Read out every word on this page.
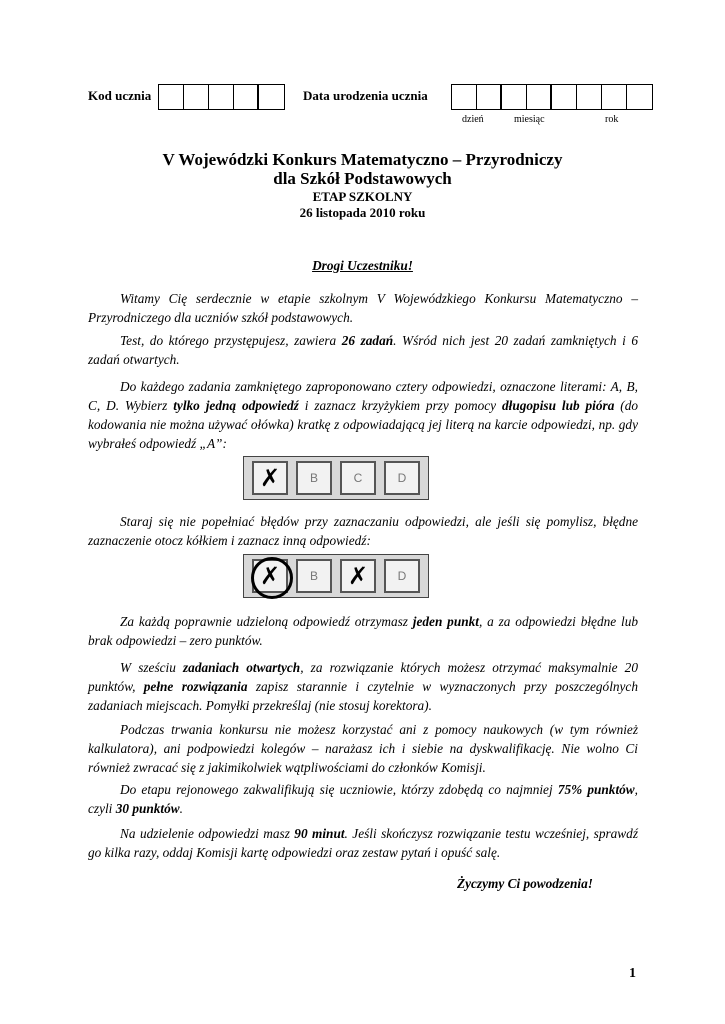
Kod ucznia	Data urodzenia ucznia
dzień	miesiąc	rok
V Wojewódzki Konkurs Matematyczno – Przyrodniczy
dla Szkół Podstawowych
ETAP SZKOLNY
26 listopada 2010 roku
Drogi Uczestniku!
Witamy Cię serdecznie w etapie szkolnym V Wojewódzkiego Konkursu Matematyczno – Przyrodniczego dla uczniów szkół podstawowych.
Test, do którego przystępujesz, zawiera 26 zadań. Wśród nich jest 20 zadań zamkniętych i 6 zadań otwartych.
Do każdego zadania zamkniętego zaproponowano cztery odpowiedzi, oznaczone literami: A, B, C, D. Wybierz tylko jedną odpowiedź i zaznacz krzyżykiem przy pomocy długopisu lub pióra (do kodowania nie można używać ołówka) kratkę z odpowiadającą jej literą na karcie odpowiedzi, np. gdy wybrałeś odpowiedź „A”:
✗	B	C	D
Staraj się nie popełniać błędów przy zaznaczaniu odpowiedzi, ale jeśli się pomylisz, błędne zaznaczenie otocz kółkiem i zaznacz inną odpowiedź:
✗	B	✗	D
Za każdą poprawnie udzieloną odpowiedź otrzymasz jeden punkt, a za odpowiedzi błędne lub brak odpowiedzi – zero punktów.
W sześciu zadaniach otwartych, za rozwiązanie których możesz otrzymać maksymalnie 20 punktów, pełne rozwiązania zapisz starannie i czytelnie w wyznaczonych przy poszczególnych zadaniach miejscach. Pomyłki przekreślaj (nie stosuj korektora).
Podczas trwania konkursu nie możesz korzystać ani z pomocy naukowych (w tym również kalkulatora), ani podpowiedzi kolegów – narażasz ich i siebie na dyskwalifikację. Nie wolno Ci również zwracać się z jakimikolwiek wątpliwościami do członków Komisji.
Do etapu rejonowego zakwalifikują się uczniowie, którzy zdobędą co najmniej 75% punktów, czyli 30 punktów.
Na udzielenie odpowiedzi masz 90 minut. Jeśli skończysz rozwiązanie testu wcześniej, sprawdź go kilka razy, oddaj Komisji kartę odpowiedzi oraz zestaw pytań i opuść salę.
Życzymy Ci powodzenia!
1
